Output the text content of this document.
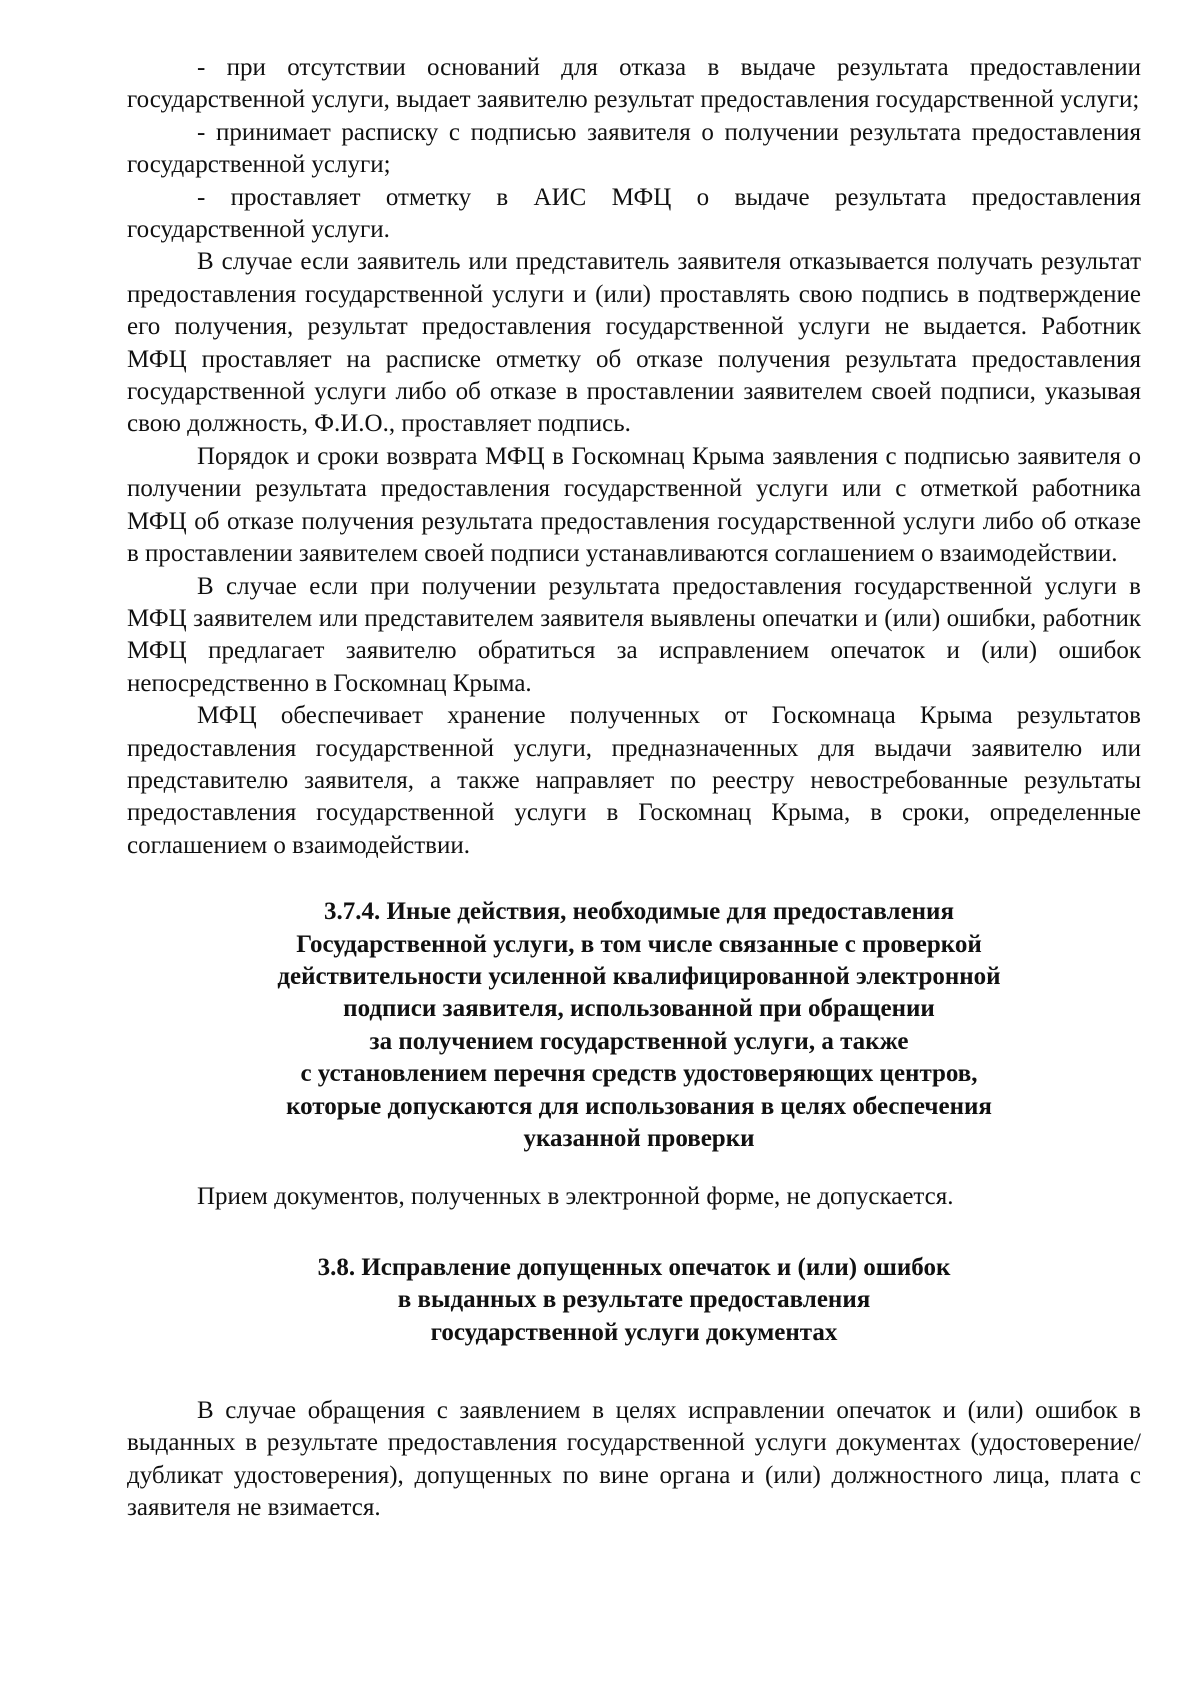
- при отсутствии оснований для отказа в выдаче результата предоставлении государственной услуги, выдает заявителю результат предоставления государственной услуги;

- принимает расписку с подписью заявителя о получении результата предоставления государственной услуги;

- проставляет отметку в АИС МФЦ о выдаче результата предоставления государственной услуги.

В случае если заявитель или представитель заявителя отказывается получать результат предоставления государственной услуги и (или) проставлять свою подпись в подтверждение его получения, результат предоставления государственной услуги не выдается. Работник МФЦ проставляет на расписке отметку об отказе получения результата предоставления государственной услуги либо об отказе в проставлении заявителем своей подписи, указывая свою должность, Ф.И.О., проставляет подпись.

Порядок и сроки возврата МФЦ в Госкомнац Крыма заявления с подписью заявителя о получении результата предоставления государственной услуги или с отметкой работника МФЦ об отказе получения результата предоставления государственной услуги либо об отказе в проставлении заявителем своей подписи устанавливаются соглашением о взаимодействии.

В случае если при получении результата предоставления государственной услуги в МФЦ заявителем или представителем заявителя выявлены опечатки и (или) ошибки, работник МФЦ предлагает заявителю обратиться за исправлением опечаток и (или) ошибок непосредственно в Госкомнац Крыма.

МФЦ обеспечивает хранение полученных от Госкомнаца Крыма результатов предоставления государственной услуги, предназначенных для выдачи заявителю или представителю заявителя, а также направляет по реестру невостребованные результаты предоставления государственной услуги в Госкомнац Крыма, в сроки, определенные соглашением о взаимодействии.

3.7.4. Иные действия, необходимые для предоставления
Государственной услуги, в том числе связанные с проверкой
действительности усиленной квалифицированной электронной
подписи заявителя, использованной при обращении
за получением государственной услуги, а также
с установлением перечня средств удостоверяющих центров,
которые допускаются для использования в целях обеспечения
указанной проверки

Прием документов, полученных в электронной форме, не допускается.

3.8. Исправление допущенных опечаток и (или) ошибок
в выданных в результате предоставления
государственной услуги документах

В случае обращения с заявлением в целях исправлении опечаток и (или) ошибок в выданных в результате предоставления государственной услуги документах (удостоверение/дубликат удостоверения), допущенных по вине органа и (или) должностного лица, плата с заявителя не взимается.
